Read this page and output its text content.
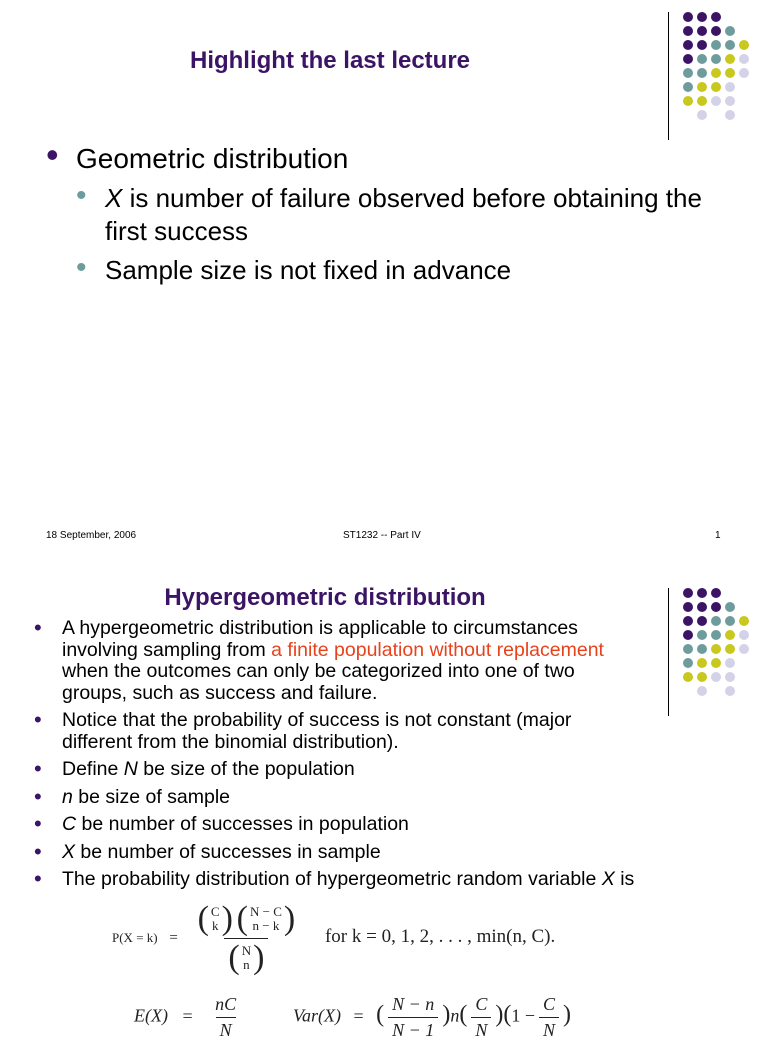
Highlight the last lecture
• Geometric distribution
• X is number of failure observed before obtaining the first success
• Sample size is not fixed in advance
18 September, 2006	ST1232 -- Part IV	1
Hypergeometric distribution
• A hypergeometric distribution is applicable to circumstances involving sampling from a finite population without replacement when the outcomes can only be categorized into one of two groups, such as success and failure.
• Notice that the probability of success is not constant (major different from the binomial distribution).
• Define N be size of the population
• n be size of sample
• C be number of successes in population
• X be number of successes in sample
• The probability distribution of hypergeometric random variable X is
P(X = k) = ( C
k )
( N − C
n − k )
( N
n ) for k = 0, 1, 2, . . . , min(n, C).
$E(X) = \frac{nC}{N}$	Var(X) = ( $\frac{N - n}{N - 1} )n( \frac{C}{N} )(1 - \frac{C}{N}$ )
